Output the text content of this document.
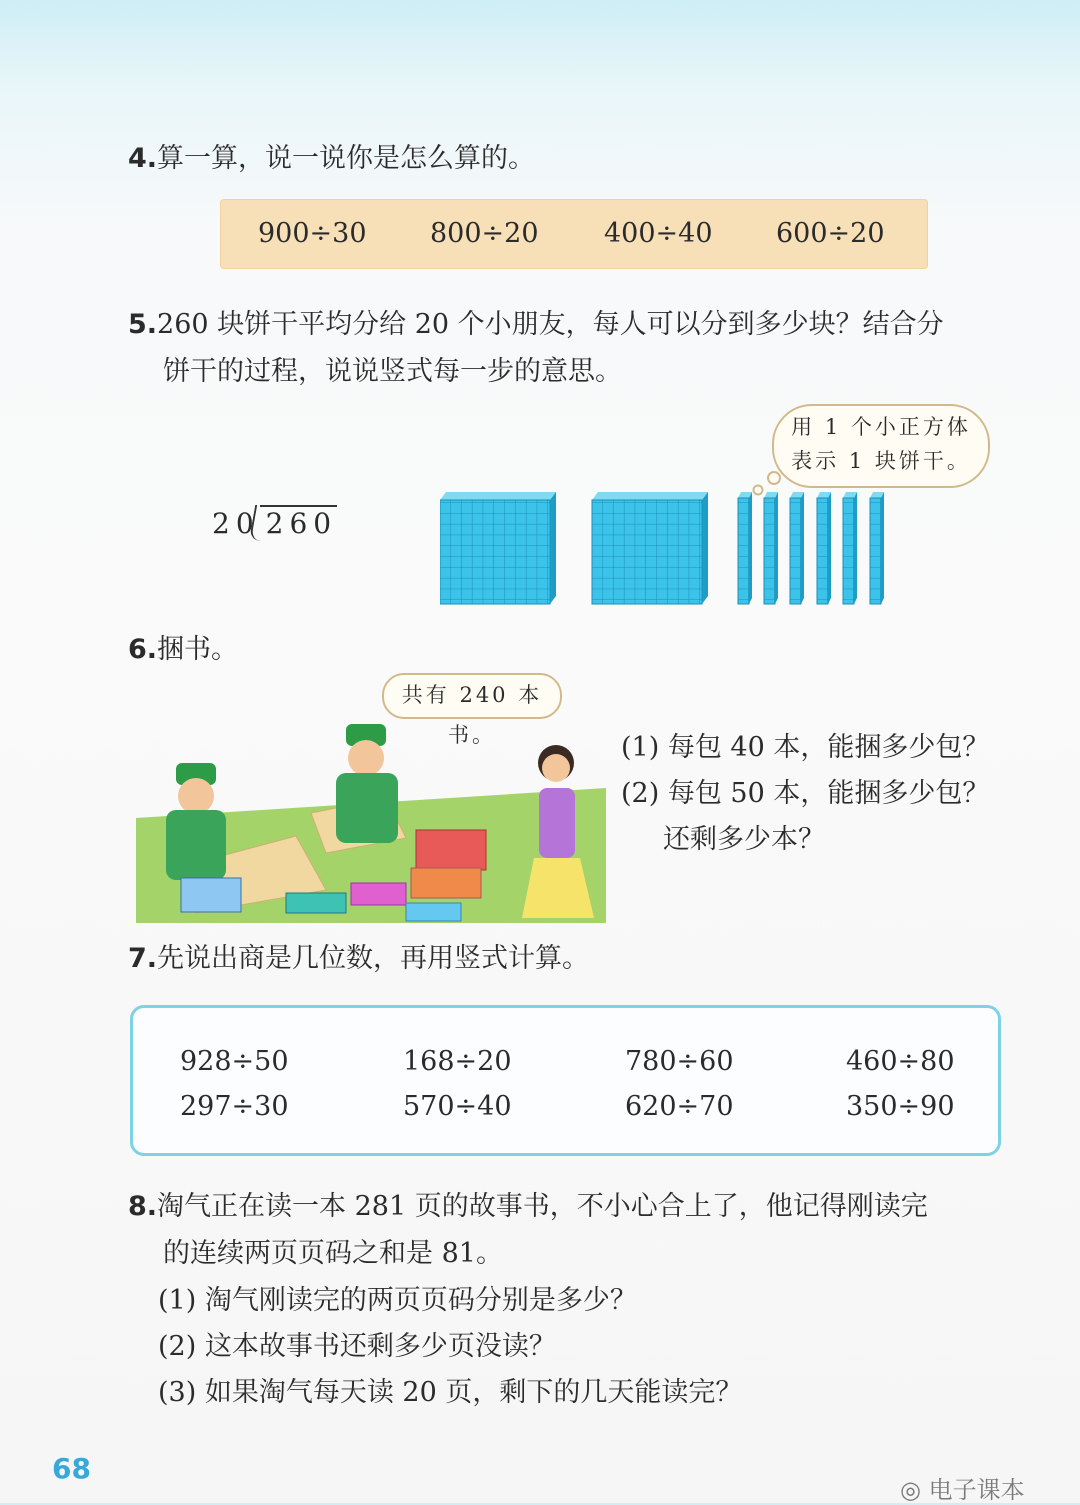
4.算一算，说一说你是怎么算的。
900÷30 800÷20 400÷40 600÷20
5.260 块饼干平均分给 20 个小朋友，每人可以分到多少块？结合分
饼干的过程，说说竖式每一步的意思。
用 1 个小正方体
表示 1 块饼干。
20 260
6.捆书。
共有 240 本书。	(1) 每包 40 本，能捆多少包？
(2) 每包 50 本，能捆多少包？
还剩多少本？
7.先说出商是几位数，再用竖式计算。
928÷50	168÷20	780÷60	460÷80
297÷30	570÷40	620÷70	350÷90
8.淘气正在读一本 281 页的故事书，不小心合上了，他记得刚读完
的连续两页页码之和是 81。
(1) 淘气刚读完的两页页码分别是多少？
(2) 这本故事书还剩多少页没读？
(3) 如果淘气每天读 20 页，剩下的几天能读完？
68
◎ 电子课本
